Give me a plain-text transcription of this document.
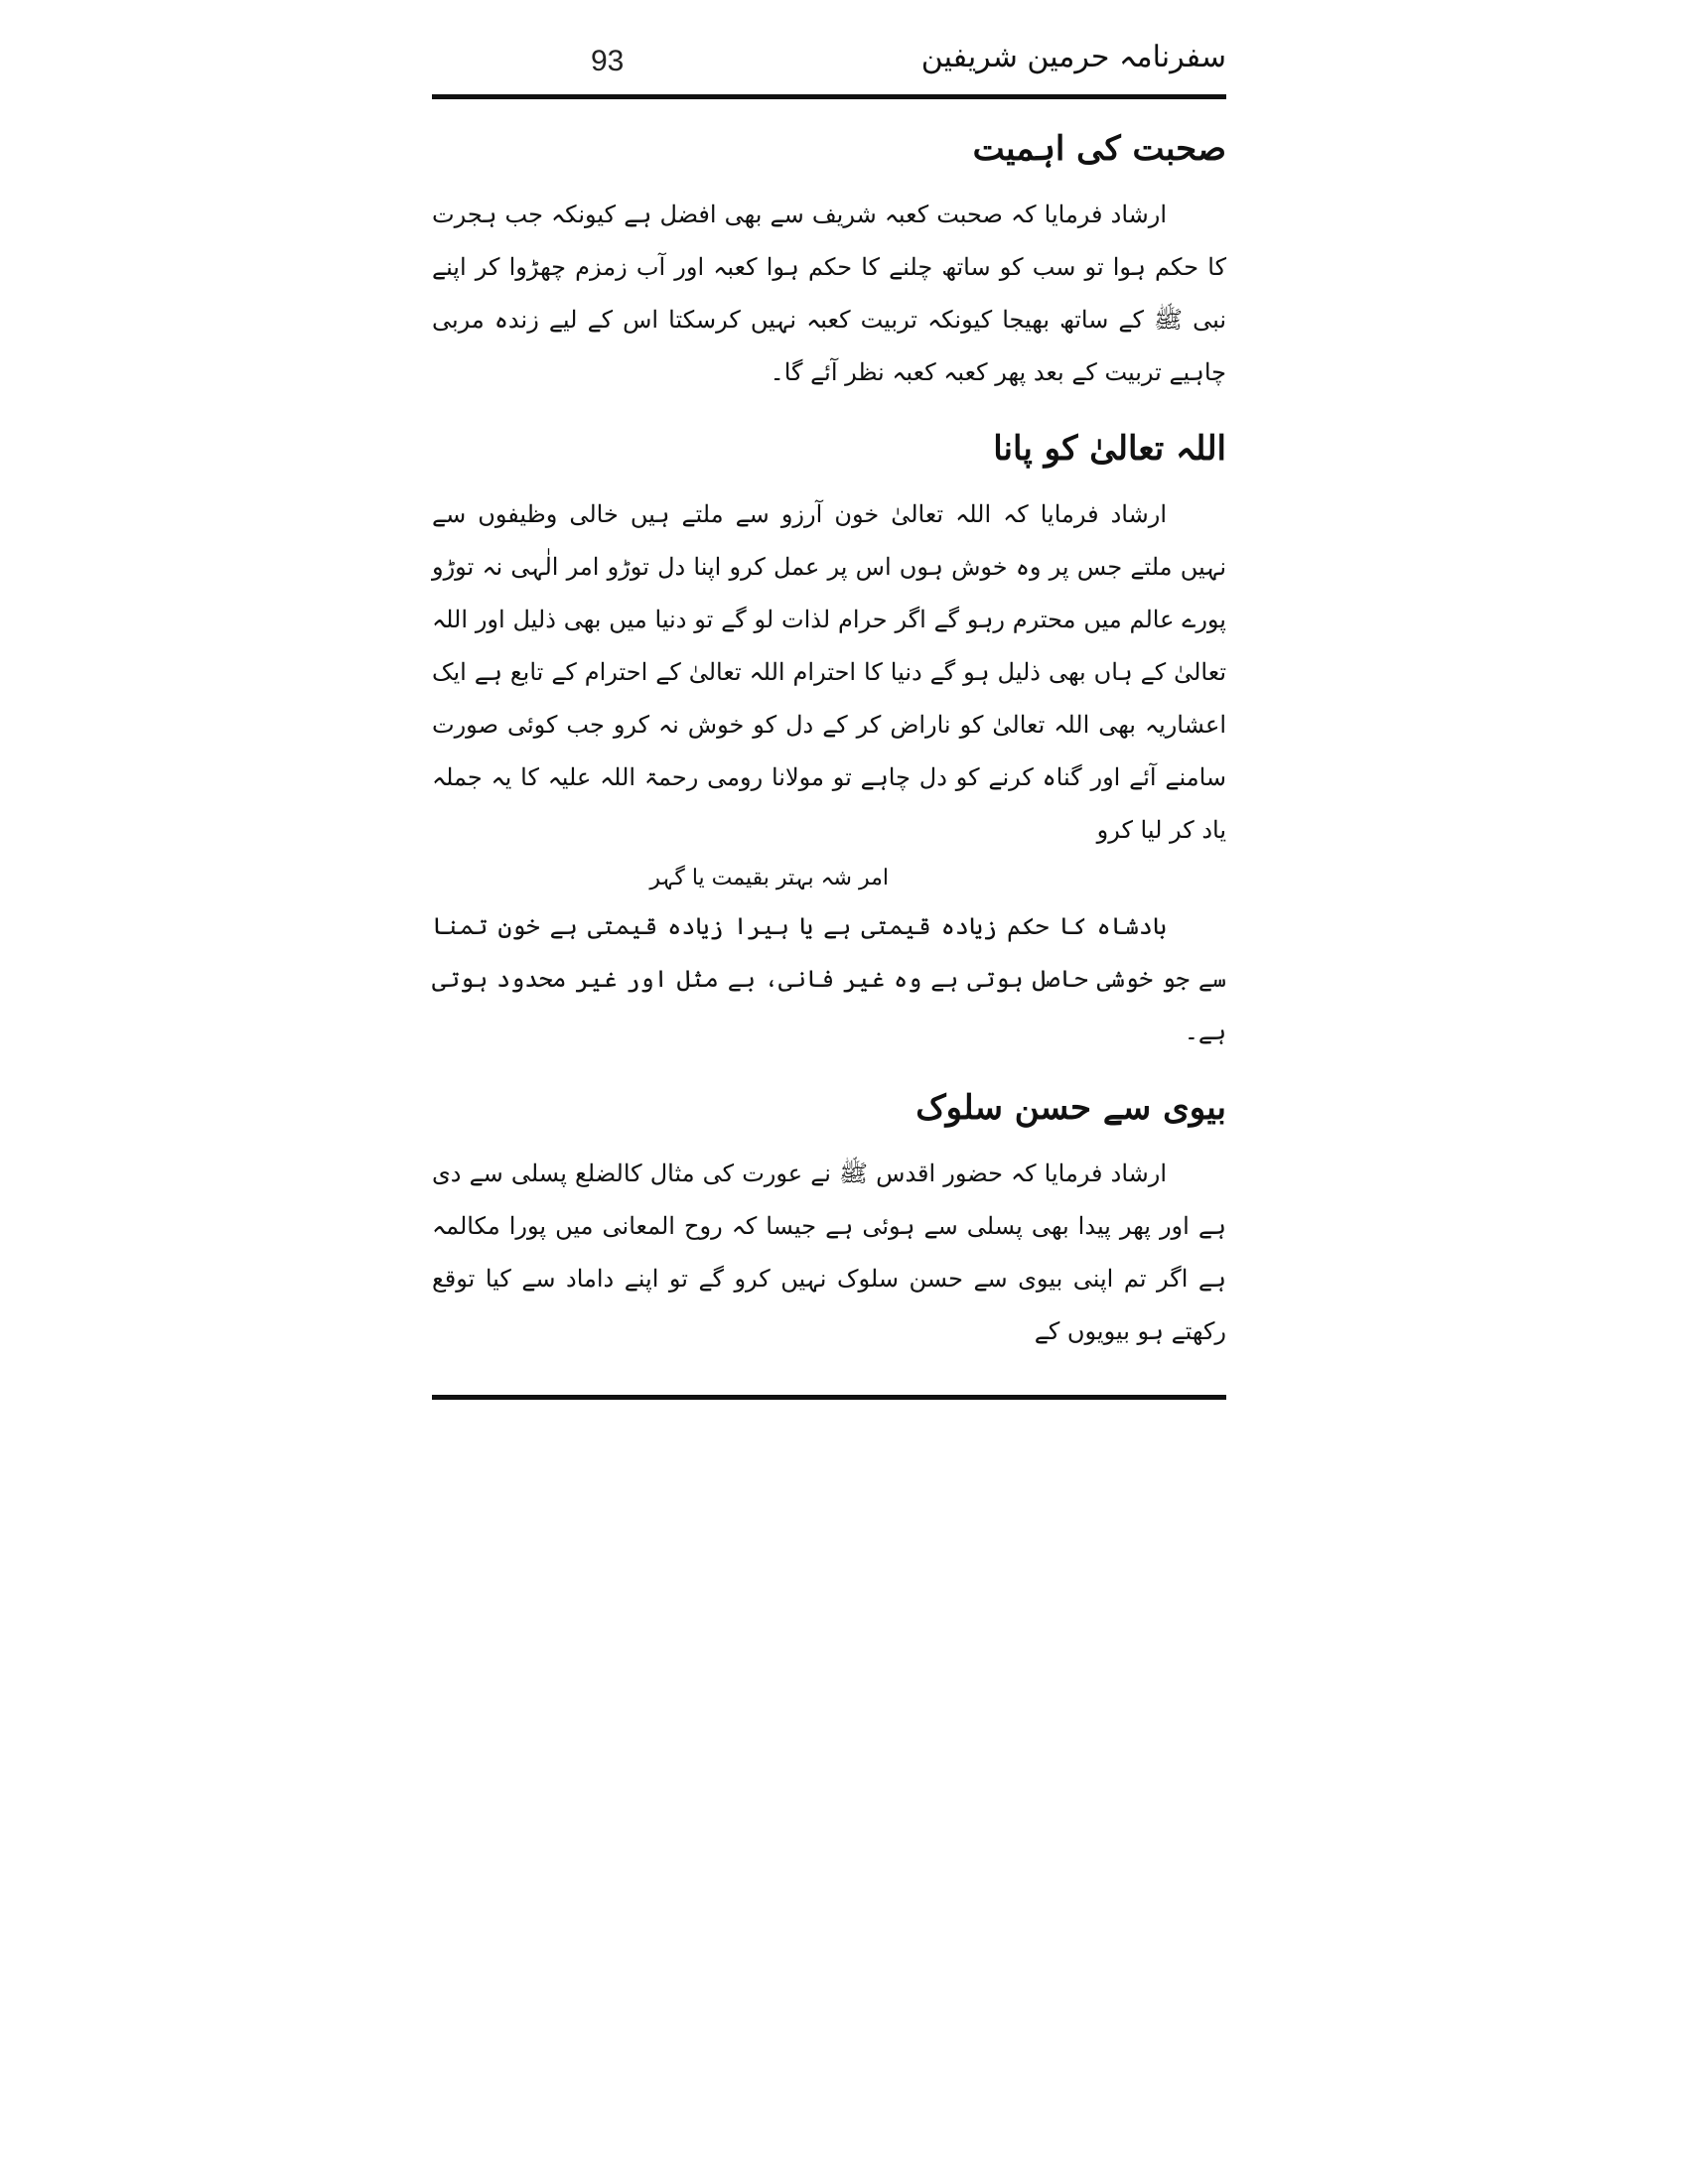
93	سفرنامہ حرمین شریفین
صحبت کی اہمیت

ارشاد فرمایا کہ صحبت کعبہ شریف سے بھی افضل ہے کیونکہ جب ہجرت کا حکم ہوا تو سب کو ساتھ چلنے کا حکم ہوا کعبہ اور آب زمزم چھڑوا کر اپنے نبی ﷺ کے ساتھ بھیجا کیونکہ تربیت کعبہ نہیں کرسکتا اس کے لیے زندہ مربی چاہیے تربیت کے بعد پھر کعبہ کعبہ نظر آئے گا۔

اللہ تعالیٰ کو پانا

ارشاد فرمایا کہ اللہ تعالیٰ خون آرزو سے ملتے ہیں خالی وظیفوں سے نہیں ملتے جس پر وہ خوش ہوں اس پر عمل کرو اپنا دل توڑو امر الٰہی نہ توڑو پورے عالم میں محترم رہو گے اگر حرام لذات لو گے تو دنیا میں بھی ذلیل اور اللہ تعالیٰ کے ہاں بھی ذلیل ہو گے دنیا کا احترام اللہ تعالیٰ کے احترام کے تابع ہے ایک اعشاریہ بھی اللہ تعالیٰ کو ناراض کر کے دل کو خوش نہ کرو جب کوئی صورت سامنے آئے اور گناہ کرنے کو دل چاہے تو مولانا رومی رحمۃ اللہ علیہ کا یہ جملہ یاد کر لیا کرو

امر شہ بہتر بقیمت یا گہر

بادشاہ کا حکم زیادہ قیمتی ہے یا ہیرا زیادہ قیمتی ہے خون تمنا سے جو خوشی حاصل ہوتی ہے وہ غیر فانی، بے مثل اور غیر محدود ہوتی ہے۔

بیوی سے حسن سلوک

ارشاد فرمایا کہ حضور اقدس ﷺ نے عورت کی مثال کالضلع پسلی سے دی ہے اور پھر پیدا بھی پسلی سے ہوئی ہے جیسا کہ روح المعانی میں پورا مکالمہ ہے اگر تم اپنی بیوی سے حسن سلوک نہیں کرو گے تو اپنے داماد سے کیا توقع رکھتے ہو بیویوں کے
